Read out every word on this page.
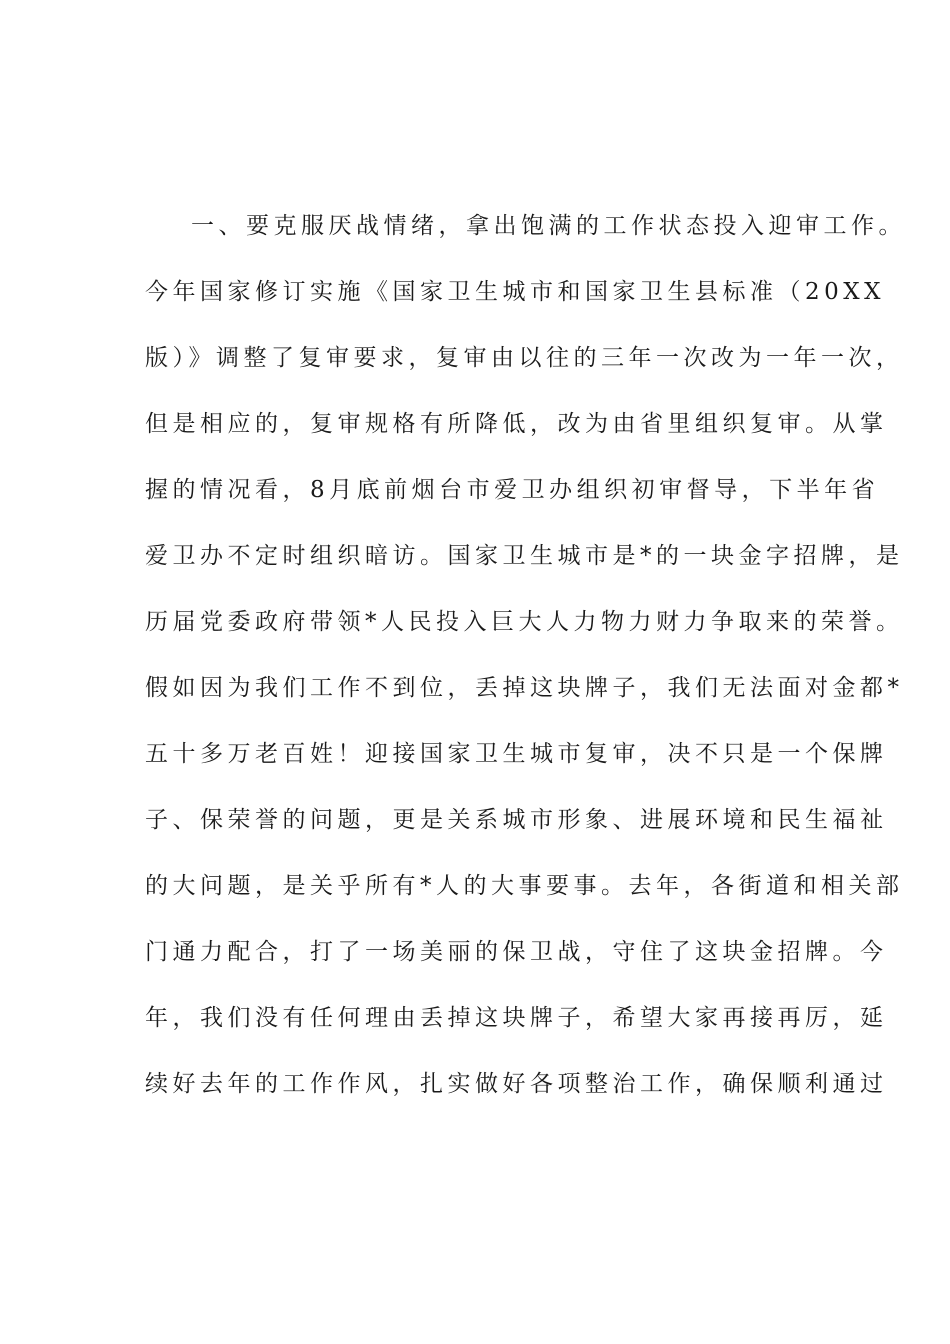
一、要克服厌战情绪，拿出饱满的工作状态投入迎审工作。
今年国家修订实施《国家卫生城市和国家卫生县标准（20XX
版）》调整了复审要求，复审由以往的三年一次改为一年一次，
但是相应的，复审规格有所降低，改为由省里组织复审。从掌
握的情况看，8月底前烟台市爱卫办组织初审督导，下半年省
爱卫办不定时组织暗访。国家卫生城市是*的一块金字招牌，是
历届党委政府带领*人民投入巨大人力物力财力争取来的荣誉。
假如因为我们工作不到位，丢掉这块牌子，我们无法面对金都*
五十多万老百姓！迎接国家卫生城市复审，决不只是一个保牌
子、保荣誉的问题，更是关系城市形象、进展环境和民生福祉
的大问题，是关乎所有*人的大事要事。去年，各街道和相关部
门通力配合，打了一场美丽的保卫战，守住了这块金招牌。今
年，我们没有任何理由丢掉这块牌子，希望大家再接再厉，延
续好去年的工作作风，扎实做好各项整治工作，确保顺利通过
